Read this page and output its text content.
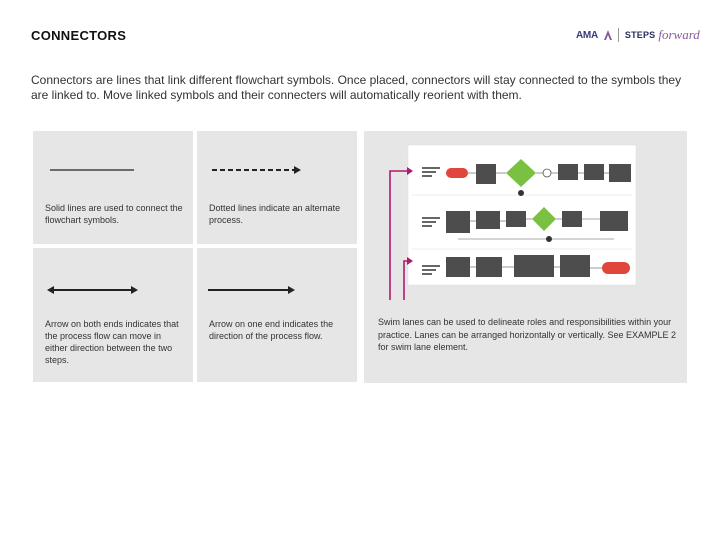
CONNECTORS	AMA	STEPS forward
Connectors are lines that link different flowchart symbols. Once placed, connectors will stay connected to the symbols they are linked to. Move linked symbols and their connecters will automatically reorient with them.
Solid lines are used to connect the flowchart symbols.
Dotted lines indicate an alternate process.
Arrow on both ends indicates that the process flow can move in either direction between the two steps.
Arrow on one end indicates the direction of the process flow.
Swim lanes can be used to delineate roles and responsibilities within your practice. Lanes can be arranged horizontally or vertically. See EXAMPLE 2 for swim lane element.
